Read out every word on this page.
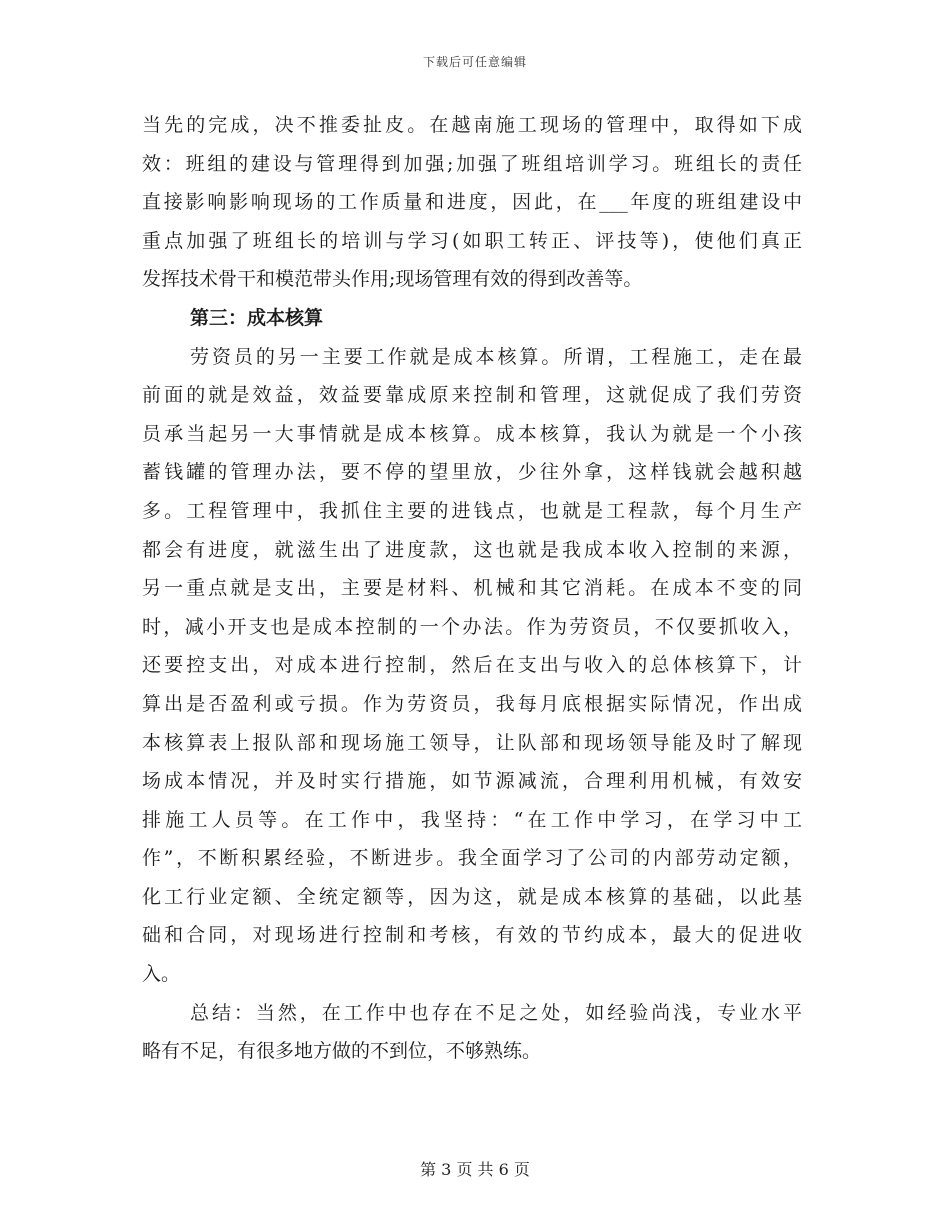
下载后可任意编辑
当先的完成，决不推委扯皮。在越南施工现场的管理中，取得如下成
效：班组的建设与管理得到加强;加强了班组培训学习。班组长的责任
直接影响影响现场的工作质量和进度，因此，在___年度的班组建设中
重点加强了班组长的培训与学习(如职工转正、评技等)，使他们真正
发挥技术骨干和模范带头作用;现场管理有效的得到改善等。
第三：成本核算
劳资员的另一主要工作就是成本核算。所谓，工程施工，走在最
前面的就是效益，效益要靠成原来控制和管理，这就促成了我们劳资
员承当起另一大事情就是成本核算。成本核算，我认为就是一个小孩
蓄钱罐的管理办法，要不停的望里放，少往外拿，这样钱就会越积越
多。工程管理中，我抓住主要的进钱点，也就是工程款，每个月生产
都会有进度，就滋生出了进度款，这也就是我成本收入控制的来源，
另一重点就是支出，主要是材料、机械和其它消耗。在成本不变的同
时，减小开支也是成本控制的一个办法。作为劳资员，不仅要抓收入，
还要控支出，对成本进行控制，然后在支出与收入的总体核算下，计
算出是否盈利或亏损。作为劳资员，我每月底根据实际情况，作出成
本核算表上报队部和现场施工领导，让队部和现场领导能及时了解现
场成本情况，并及时实行措施，如节源减流，合理利用机械，有效安
排施工人员等。在工作中，我坚持：“在工作中学习，在学习中工
作”，不断积累经验，不断进步。我全面学习了公司的内部劳动定额，
化工行业定额、全统定额等，因为这，就是成本核算的基础，以此基
础和合同，对现场进行控制和考核，有效的节约成本，最大的促进收
入。
总结：当然，在工作中也存在不足之处，如经验尚浅，专业水平
略有不足，有很多地方做的不到位，不够熟练。
第 3 页 共 6 页
